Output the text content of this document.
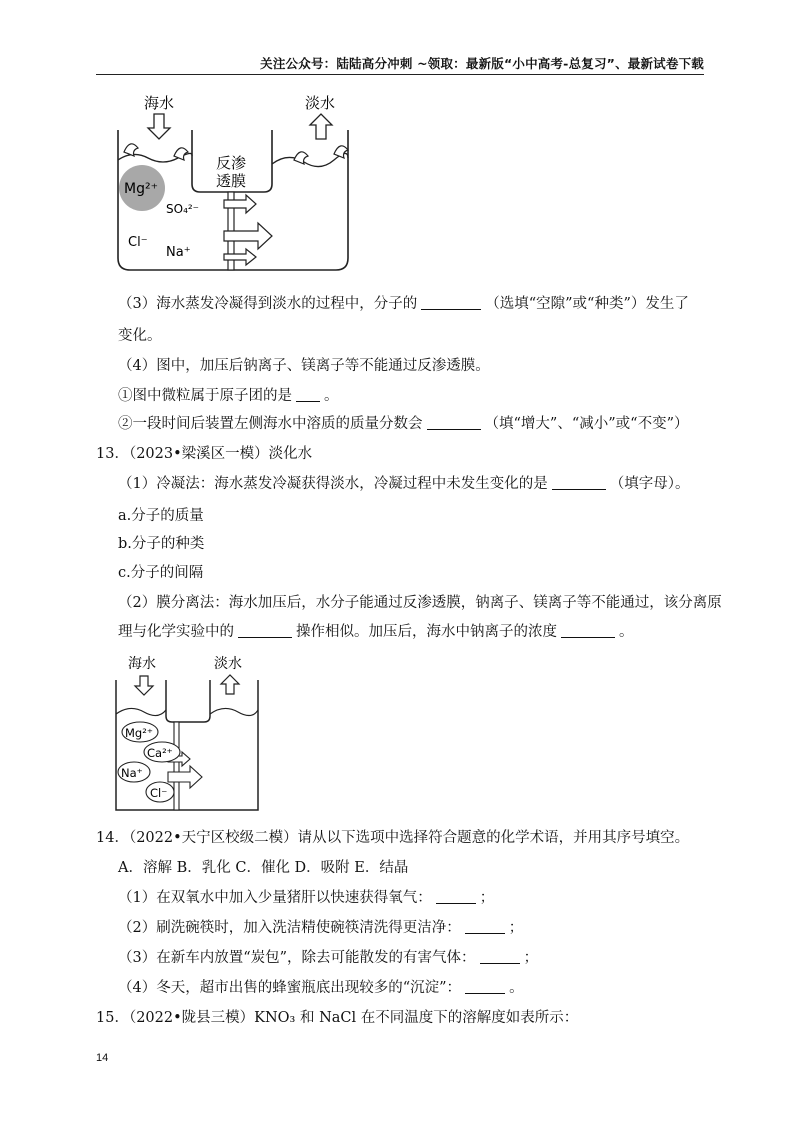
关注公众号：陆陆高分冲刺 ~领取：最新版“小中高考-总复习”、最新试卷下载
海水	淡水
反渗
透膜
Mg²⁺
SO₄²⁻
Cl⁻
Na⁺
（3）海水蒸发冷凝得到淡水的过程中，分子的	（选填“空隙”或“种类”）发生了
变化。
（4）图中，加压后钠离子、镁离子等不能通过反渗透膜。
①图中微粒属于原子团的是 。
②一段时间后装置左侧海水中溶质的质量分数会	（填“增大”、“减小”或“不变”）
13．（2023•梁溪区一模）淡化水
（1）冷凝法：海水蒸发冷凝获得淡水，冷凝过程中未发生变化的是	（填字母）。
a.分子的质量
b.分子的种类
c.分子的间隔
（2）膜分离法：海水加压后，水分子能通过反渗透膜，钠离子、镁离子等不能通过，该分离原
理与化学实验中的	操作相似。加压后，海水中钠离子的浓度	。
海水	淡水
Mg²⁺
Ca²⁺
Na⁺
Cl⁻
14．（2022•天宁区校级二模）请从以下选项中选择符合题意的化学术语，并用其序号填空。
A．溶解 B．乳化 C．催化 D．吸附 E．结晶
（1）在双氧水中加入少量猪肝以快速获得氧气：	；
（2）刷洗碗筷时，加入洗洁精使碗筷清洗得更洁净：	；
（3）在新车内放置“炭包”，除去可能散发的有害气体：	；
（4）冬天，超市出售的蜂蜜瓶底出现较多的“沉淀”：	。
15．（2022•陇县三模）KNO₃ 和 NaCl 在不同温度下的溶解度如表所示：
14
